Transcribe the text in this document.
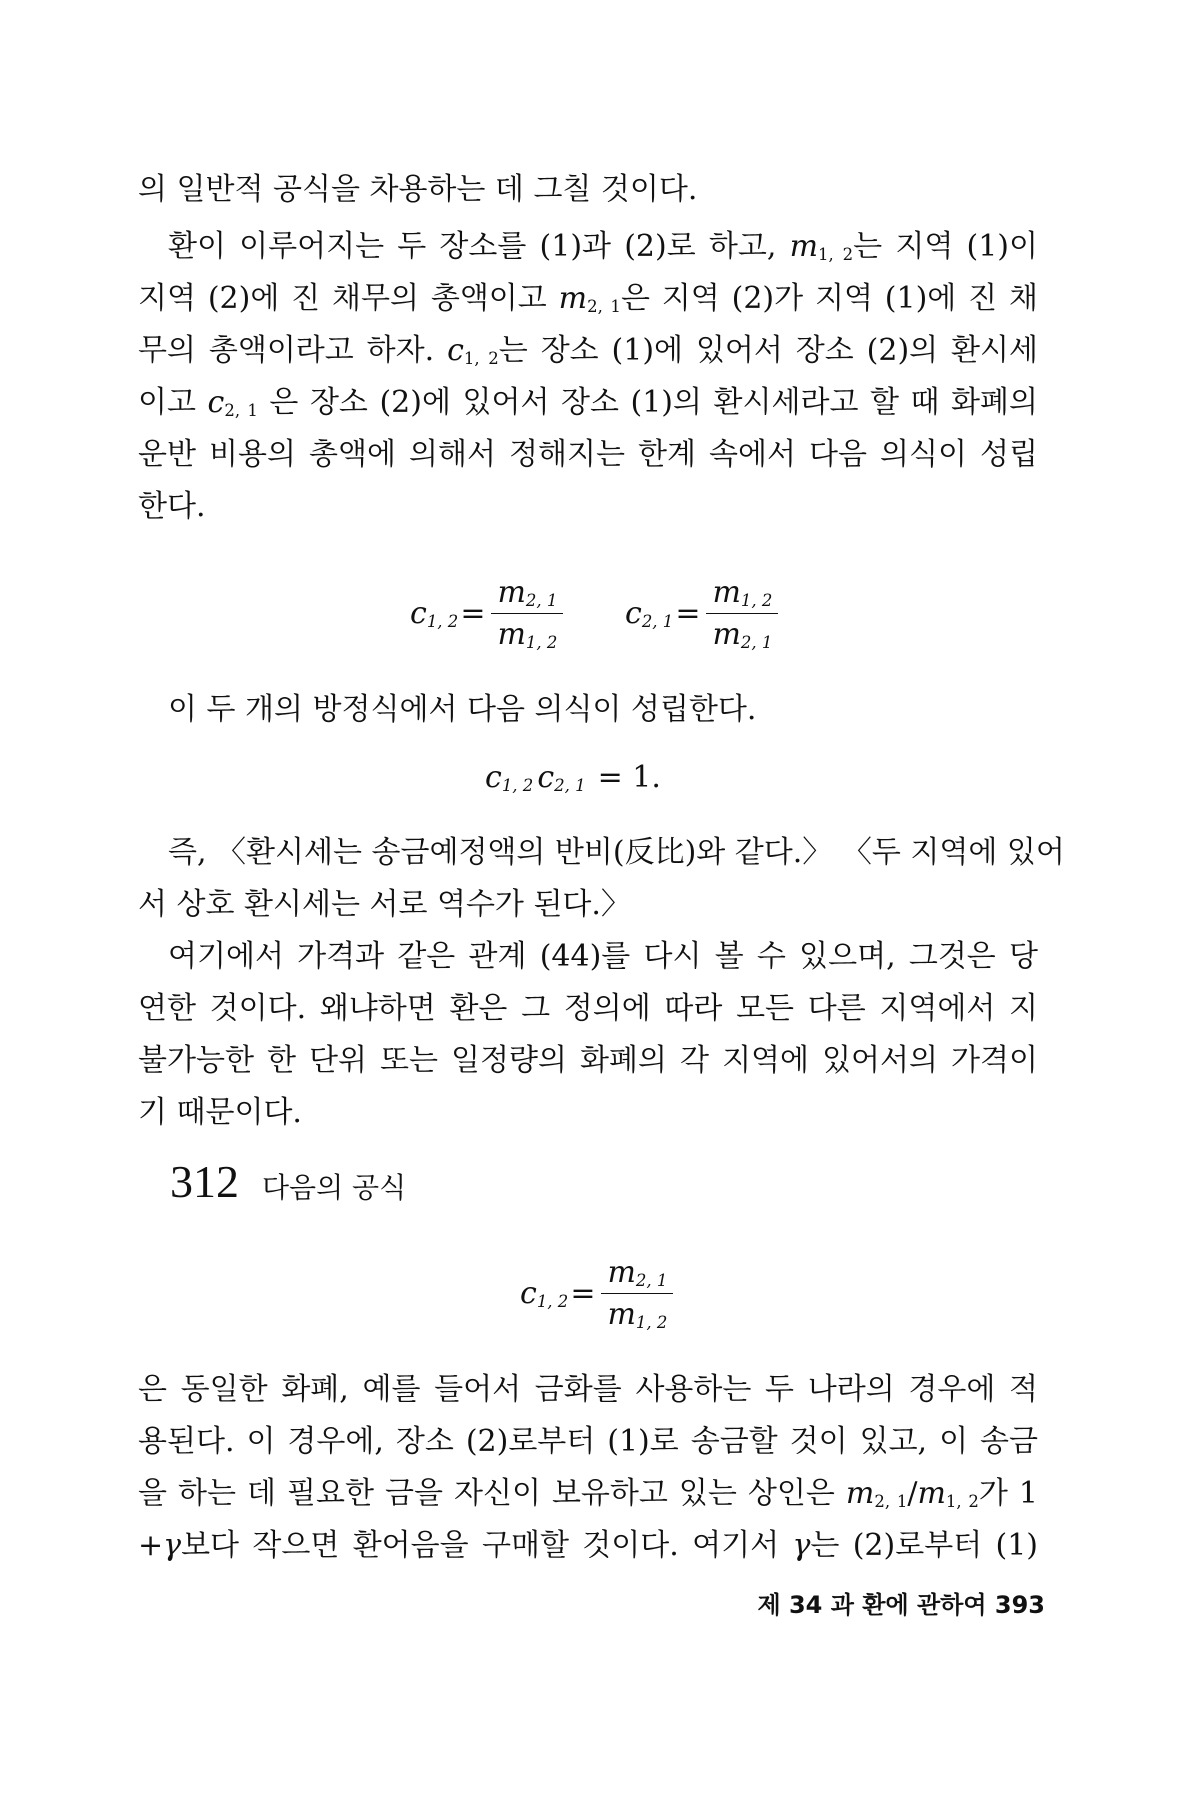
의 일반적 공식을 차용하는 데 그칠 것이다.
환이 이루어지는 두 장소를 (1)과 (2)로 하고, $m_{1, 2}$는 지역 (1)이
지역 (2)에 진 채무의 총액이고 $m_{2, 1}$은 지역 (2)가 지역 (1)에 진 채
무의 총액이라고 하자. $c_{1, 2}$는 장소 (1)에 있어서 장소 (2)의 환시세
이고 $c_{2, 1}$ 은 장소 (2)에 있어서 장소 (1)의 환시세라고 할 때 화폐의
운반 비용의 총액에 의해서 정해지는 한계 속에서 다음 의식이 성립
한다.
$c_{1, 2} = \frac{m_{2, 1}}{m_{1, 2}} c_{2, 1} = \frac{m_{1, 2}}{m_{2, 1}}$
이 두 개의 방정식에서 다음 의식이 성립한다.
$c_{1, 2}$ $c_{2, 1} = 1$.
즉, 〈환시세는 송금예정액의 반비(反比)와 같다.〉 〈두 지역에 있어
서 상호 환시세는 서로 역수가 된다.〉
여기에서 가격과 같은 관계 (44)를 다시 볼 수 있으며, 그것은 당
연한 것이다. 왜냐하면 환은 그 정의에 따라 모든 다른 지역에서 지
불가능한 한 단위 또는 일정량의 화폐의 각 지역에 있어서의 가격이
기 때문이다.
312 다음의 공식
$c_{1, 2} = \frac{m_{2, 1}}{m_{1, 2}}$
은 동일한 화폐, 예를 들어서 금화를 사용하는 두 나라의 경우에 적
용된다. 이 경우에, 장소 (2)로부터 (1)로 송금할 것이 있고, 이 송금
을 하는 데 필요한 금을 자신이 보유하고 있는 상인은 $m_{2, 1}/m_{1, 2}$가 1
+γ보다 작으면 환어음을 구매할 것이다. 여기서 γ는 (2)로부터 (1)
제 34 과 환에 관하여 393
